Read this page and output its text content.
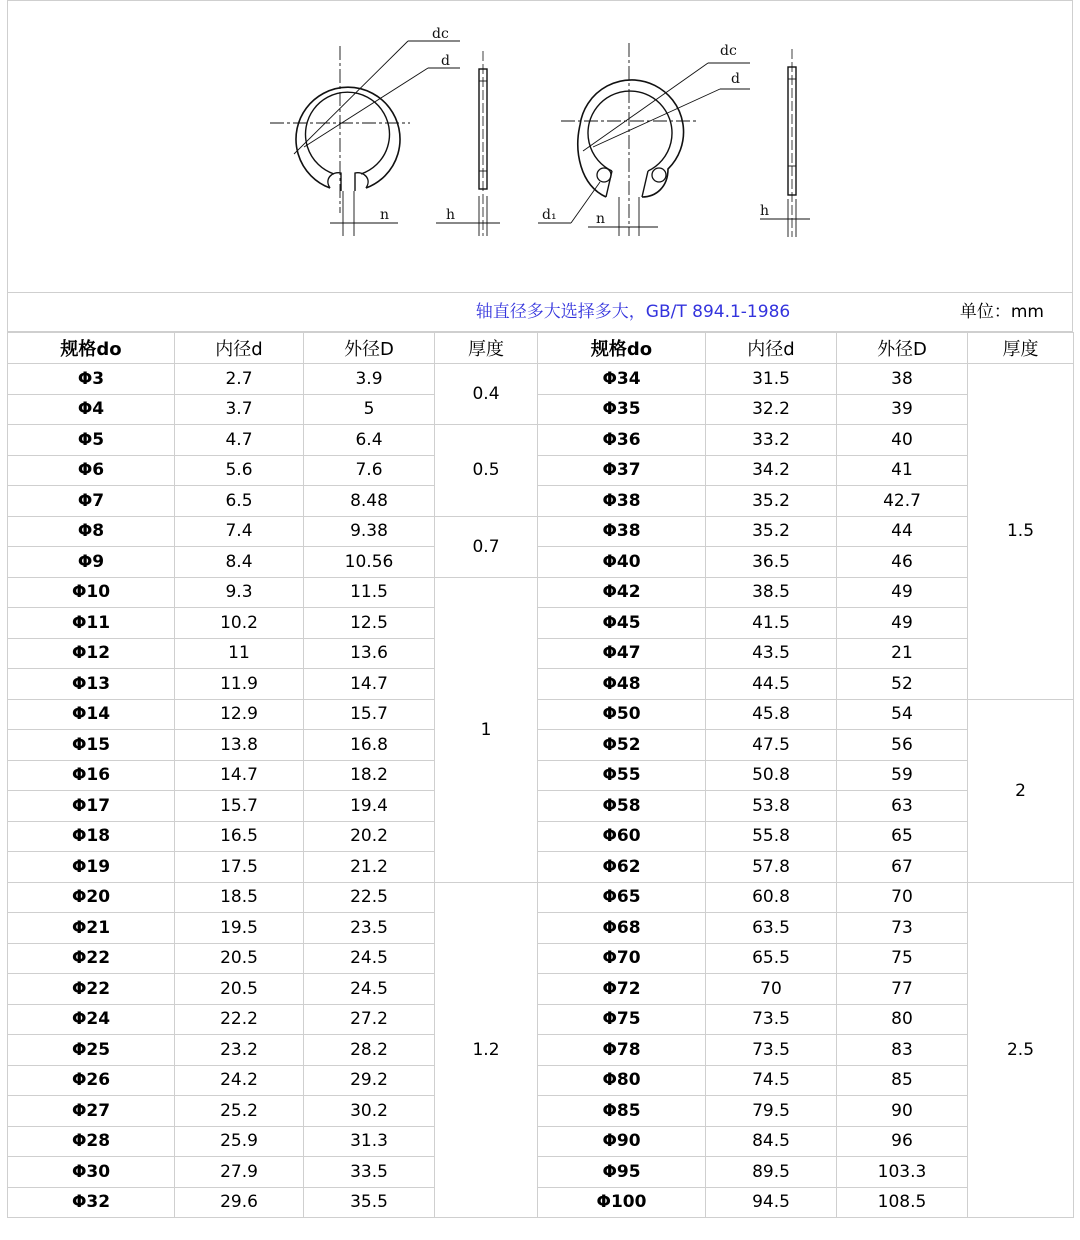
dc
d
n	h
dc
d
d₁	n	h
轴直径多大选择多大，GB/T 894.1-1986	单位：mm
规格do	内径d	外径D	厚度	规格do	内径d	外径D	厚度
Φ3	2.7	3.9	0.4	Φ34	31.5	38	1.5
Φ4	3.7	5		Φ35	32.2	39	
Φ5	4.7	6.4	0.5	Φ36	33.2	40	
Φ6	5.6	7.6		Φ37	34.2	41	
Φ7	6.5	8.48		Φ38	35.2	42.7	
Φ8	7.4	9.38	0.7	Φ38	35.2	44	
Φ9	8.4	10.56		Φ40	36.5	46	
Φ10	9.3	11.5	1	Φ42	38.5	49	
Φ11	10.2	12.5		Φ45	41.5	49	
Φ12	11	13.6		Φ47	43.5	21	
Φ13	11.9	14.7		Φ48	44.5	52	
Φ14	12.9	15.7		Φ50	45.8	54	2
Φ15	13.8	16.8		Φ52	47.5	56	
Φ16	14.7	18.2		Φ55	50.8	59	
Φ17	15.7	19.4		Φ58	53.8	63	
Φ18	16.5	20.2		Φ60	55.8	65	
Φ19	17.5	21.2		Φ62	57.8	67	
Φ20	18.5	22.5	1.2	Φ65	60.8	70	2.5
Φ21	19.5	23.5		Φ68	63.5	73	
Φ22	20.5	24.5		Φ70	65.5	75	
Φ22	20.5	24.5		Φ72	70	77	
Φ24	22.2	27.2		Φ75	73.5	80	
Φ25	23.2	28.2		Φ78	73.5	83	
Φ26	24.2	29.2		Φ80	74.5	85	
Φ27	25.2	30.2		Φ85	79.5	90	
Φ28	25.9	31.3		Φ90	84.5	96	
Φ30	27.9	33.5		Φ95	89.5	103.3	
Φ32	29.6	35.5		Φ100	94.5	108.5	
